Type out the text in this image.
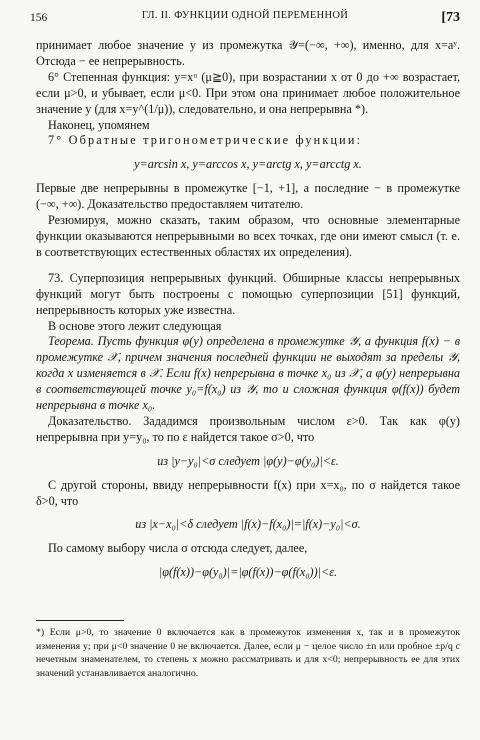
156	ГЛ. II. ФУНКЦИИ ОДНОЙ ПЕРЕМЕННОЙ	[73

принимает любое значение y из промежутка 𝒴=(−∞, +∞), именно, для x=aʸ. Отсюда − ее непрерывность.

6° Степенная функция: y=xᵘ (μ≧0), при возрастании x от 0 до +∞ возрастает, если μ>0, и убывает, если μ<0. При этом она принимает любое положительное значение y (для x=y^(1/μ)), следовательно, и она непрерывна *).

Наконец, упомянем

7° Обратные тригонометрические функции:

y=arcsin x, y=arccos x, y=arctg x, y=arcctg x.

Первые две непрерывны в промежутке [−1, +1], а последние − в промежутке (−∞, +∞). Доказательство предоставляем читателю.

Резюмируя, можно сказать, таким образом, что основные элементарные функции оказываются непрерывными во всех точках, где они имеют смысл (т. е. в соответствующих естественных областях их определения).

73. Суперпозиция непрерывных функций. Обширные классы непрерывных функций могут быть построены с помощью суперпозиции [51] функций, непрерывность которых уже известна.

В основе этого лежит следующая

Теорема. Пусть функция φ(y) определена в промежутке 𝒴, а функция f(x) − в промежутке 𝒳, причем значения последней функции не выходят за пределы 𝒴, когда x изменяется в 𝒳. Если f(x) непрерывна в точке x₀ из 𝒳, а φ(y) непрерывна в соответствующей точке y₀=f(x₀) из 𝒴, то и сложная функция φ(f(x)) будет непрерывна в точке x₀.

Доказательство. Зададимся произвольным числом ε>0. Так как φ(y) непрерывна при y=y₀, то по ε найдется такое σ>0, что

из |y−y₀|<σ следует |φ(y)−φ(y₀)|<ε.

С другой стороны, ввиду непрерывности f(x) при x=x₀, по σ найдется такое δ>0, что

из |x−x₀|<δ следует |f(x)−f(x₀)|=|f(x)−y₀|<σ.

По самому выбору числа σ отсюда следует, далее,

|φ(f(x))−φ(y₀)|=|φ(f(x))−φ(f(x₀))|<ε.

*) Если μ>0, то значение 0 включается как в промежуток изменения x, так и в промежуток изменения y; при μ<0 значение 0 не включается. Далее, если μ − целое число ±n или пробное ±p/q с нечетным знаменателем, то степень x можно рассматривать и для x<0; непрерывность ее для этих значений устанавливается аналогично.
